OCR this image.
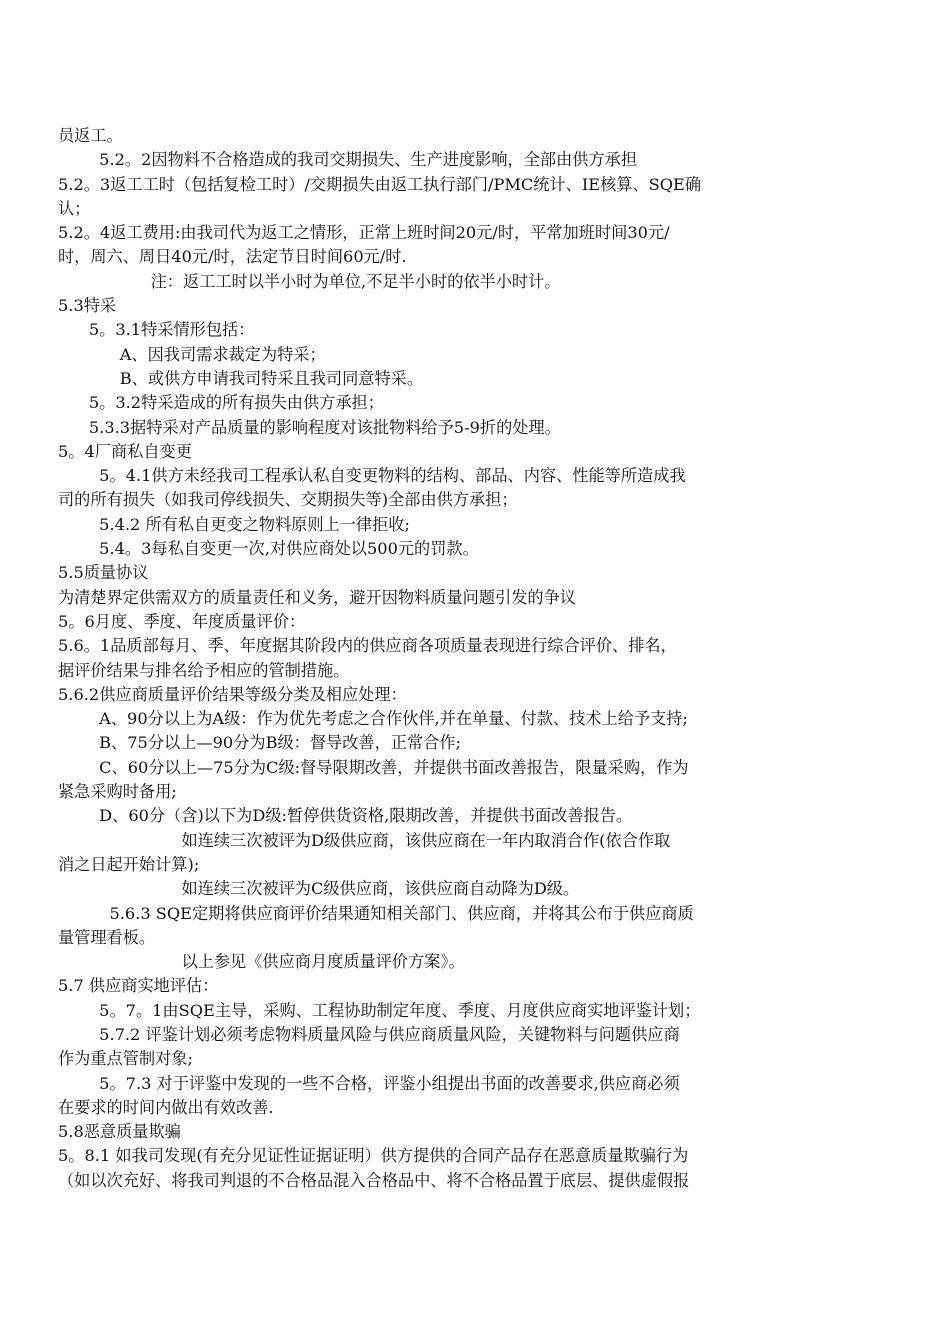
员返工。
5.2。2因物料不合格造成的我司交期损失、生产进度影响，全部由供方承担
5.2。3返工工时（包括复检工时）/交期损失由返工执行部门/PMC统计、IE核算、SQE确
认；
5.2。4返工费用:由我司代为返工之情形，正常上班时间20元/时，平常加班时间30元/
时，周六、周日40元/时，法定节日时间60元/时.
注：返工工时以半小时为单位,不足半小时的依半小时计。
5.3特采
5。3.1特采情形包括：
A、因我司需求裁定为特采；
B、或供方申请我司特采且我司同意特采。
5。3.2特采造成的所有损失由供方承担；
5.3.3据特采对产品质量的影响程度对该批物料给予5-9折的处理。
5。4厂商私自变更
5。4.1供方未经我司工程承认私自变更物料的结构、部品、内容、性能等所造成我
司的所有损失（如我司停线损失、交期损失等)全部由供方承担；
5.4.2 所有私自更变之物料原则上一律拒收;
5.4。3每私自变更一次,对供应商处以500元的罚款。
5.5质量协议
为清楚界定供需双方的质量责任和义务，避开因物料质量问题引发的争议
5。6月度、季度、年度质量评价：
5.6。1品质部每月、季、年度据其阶段内的供应商各项质量表现进行综合评价、排名，
据评价结果与排名给予相应的管制措施。
5.6.2供应商质量评价结果等级分类及相应处理：
A、90分以上为A级：作为优先考虑之合作伙伴,并在单量、付款、技术上给予支持;
B、75分以上—90分为B级：督导改善，正常合作;
C、60分以上—75分为C级:督导限期改善，并提供书面改善报告，限量采购，作为
紧急采购时备用;
D、60分（含)以下为D级:暂停供货资格,限期改善，并提供书面改善报告。
如连续三次被评为D级供应商，该供应商在一年内取消合作(依合作取
消之日起开始计算);
如连续三次被评为C级供应商，该供应商自动降为D级。
5.6.3 SQE定期将供应商评价结果通知相关部门、供应商，并将其公布于供应商质
量管理看板。
以上参见《供应商月度质量评价方案》。
5.7 供应商实地评估：
5。7。1由SQE主导，采购、工程协助制定年度、季度、月度供应商实地评鉴计划；
5.7.2 评鉴计划必须考虑物料质量风险与供应商质量风险，关键物料与问题供应商
作为重点管制对象;
5。7.3 对于评鉴中发现的一些不合格，评鉴小组提出书面的改善要求,供应商必须
在要求的时间内做出有效改善.
5.8恶意质量欺骗
5。8.1 如我司发现(有充分见证性证据证明）供方提供的合同产品存在恶意质量欺骗行为
（如以次充好、将我司判退的不合格品混入合格品中、将不合格品置于底层、提供虚假报
